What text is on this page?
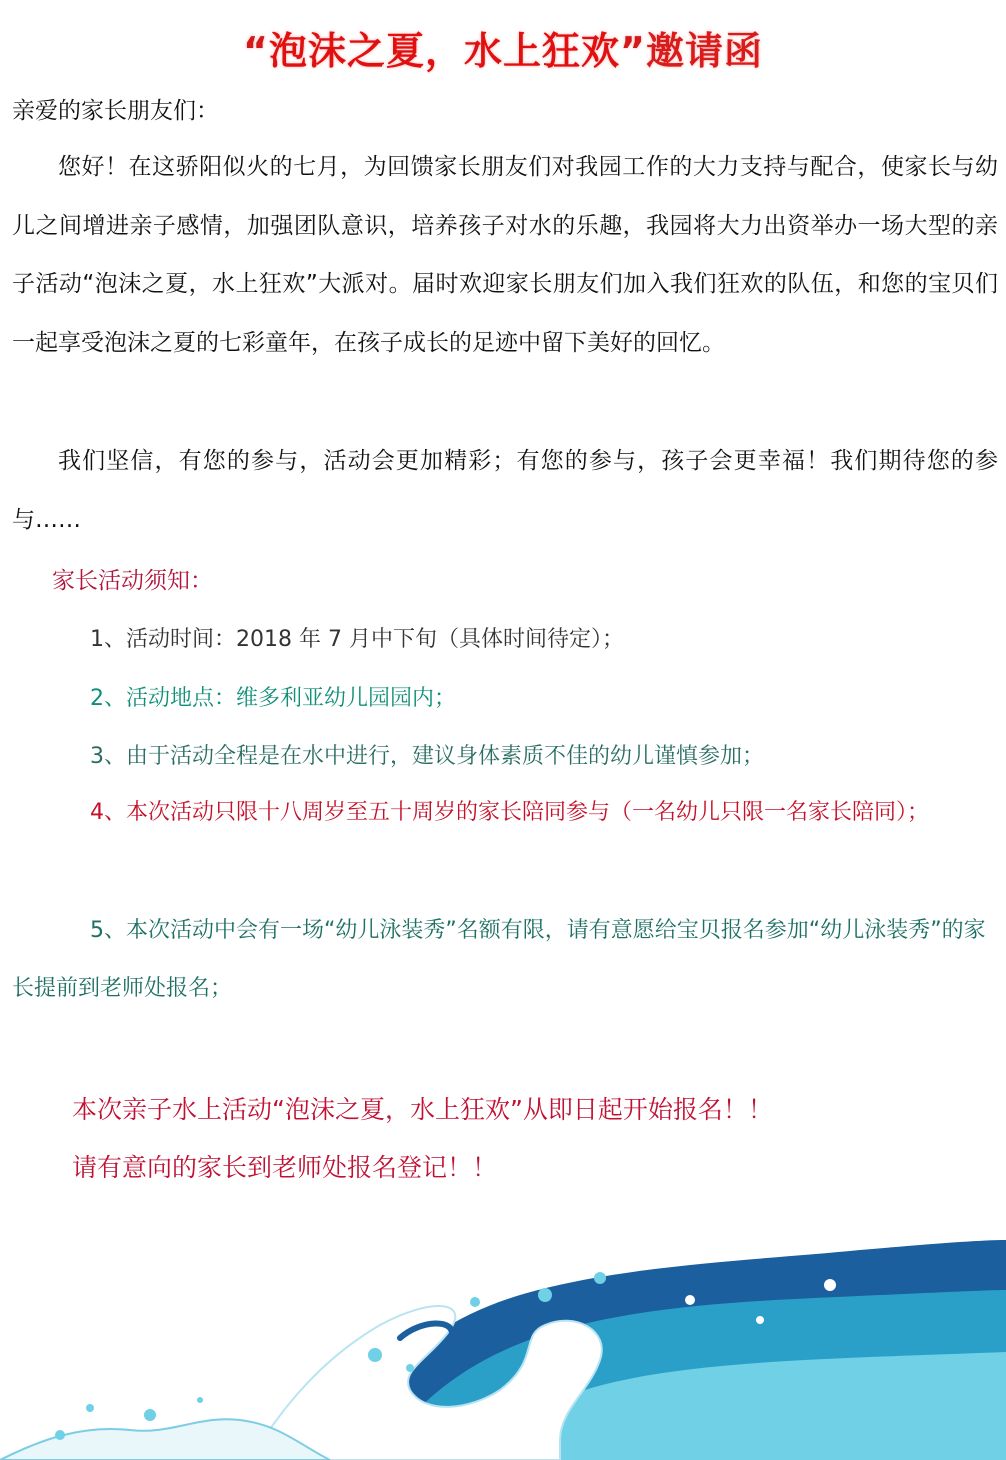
“泡沫之夏，水上狂欢”邀请函
亲爱的家长朋友们：

您好！在这骄阳似火的七月，为回馈家长朋友们对我园工作的大力支持与配合，使家长与幼儿之间增进亲子感情，加强团队意识，培养孩子对水的乐趣，我园将大力出资举办一场大型的亲子活动“泡沫之夏，水上狂欢”大派对。届时欢迎家长朋友们加入我们狂欢的队伍，和您的宝贝们一起享受泡沫之夏的七彩童年，在孩子成长的足迹中留下美好的回忆。

我们坚信，有您的参与，活动会更加精彩；有您的参与，孩子会更幸福！我们期待您的参与……

家长活动须知：
1、活动时间：2018 年 7 月中下旬（具体时间待定）；
2、活动地点：维多利亚幼儿园园内；
3、由于活动全程是在水中进行，建议身体素质不佳的幼儿谨慎参加；
4、本次活动只限十八周岁至五十周岁的家长陪同参与（一名幼儿只限一名家长陪同）；
5、本次活动中会有一场“幼儿泳装秀”名额有限，请有意愿给宝贝报名参加“幼儿泳装秀”的家长提前到老师处报名；
本次亲子水上活动“泡沫之夏，水上狂欢”从即日起开始报名！！
请有意向的家长到老师处报名登记！！
